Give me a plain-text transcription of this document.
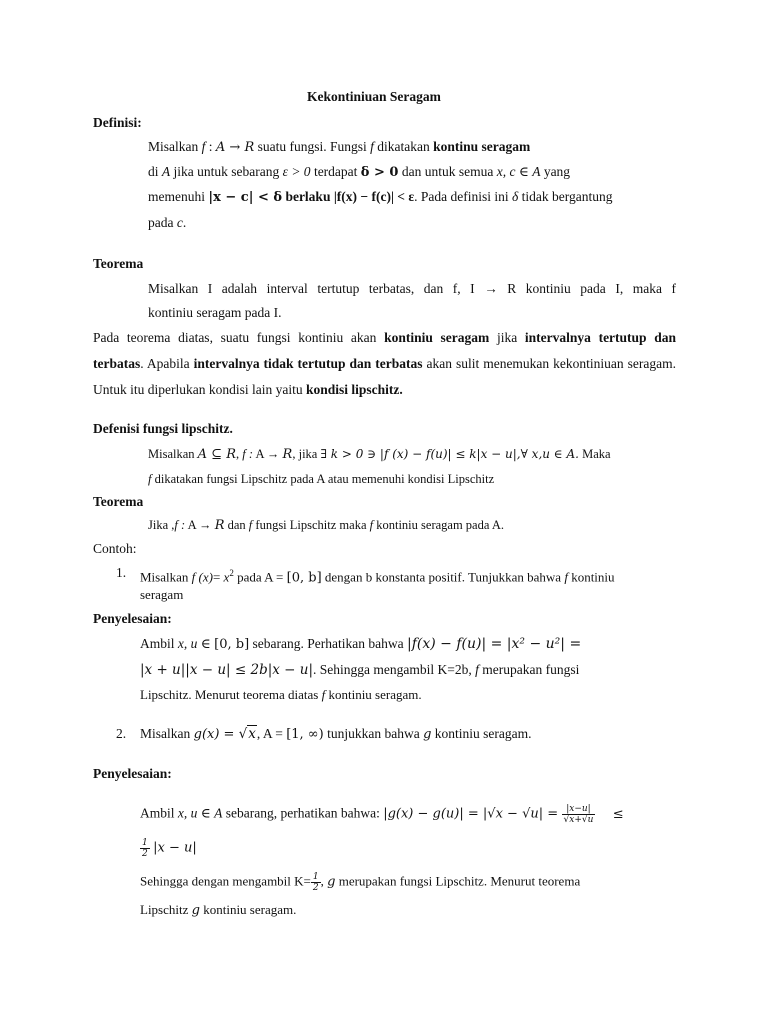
Kekontiniuan Seragam
Definisi:
Misalkan f : A → R suatu fungsi. Fungsi f dikatakan kontinu seragam
di A jika untuk sebarang ε > 0 terdapat δ > 0 dan untuk semua x, c ∈ A yang
memenuhi |x − c| < δ berlaku |f(x) − f(c)| < ε. Pada definisi ini δ tidak bergantung
pada c.
Teorema
Misalkan I adalah interval tertutup terbatas, dan f, I → R kontiniu pada I, maka f
kontiniu seragam pada I.
Pada teorema diatas, suatu fungsi kontiniu akan kontiniu seragam jika intervalnya tertutup dan terbatas. Apabila intervalnya tidak tertutup dan terbatas akan sulit menemukan kekontiniuan seragam. Untuk itu diperlukan kondisi lain yaitu kondisi lipschitz.
Defenisi fungsi lipschitz.
Misalkan A ⊆ R, f : A → R, jika ∃ k > 0 ∋ |f (x) − f(u)| ≤ k|x − u|,∀ x,u ∈ A. Maka
f dikatakan fungsi Lipschitz pada A atau memenuhi kondisi Lipschitz
Teorema
Jika ,f : A → R dan f fungsi Lipschitz maka f kontiniu seragam pada A.
Contoh:
1. Misalkan f $(x)= x^2$ pada A = [0, b] dengan b konstanta positif. Tunjukkan bahwa f kontiniu
seragam
Penyelesaian:
Ambil x, u ∈ [0, b] sebarang. Perhatikan bahwa |f(x) − f(u)| = |x² − u²| =
|x + u||x − u| ≤ 2b|x − u|. Sehingga mengambil K=2b, f merupakan fungsi
Lipschitz. Menurut teorema diatas f kontiniu seragam.
2. Misalkan g(x) = √x, A = [1, ∞) tunjukkan bahwa g kontiniu seragam.
Penyelesaian:
Ambil x, u ∈ A sebarang, perhatikan bahwa: $|g(x) - g(u)| = |√x - √u| = \frac{|x-u|}{√x+√u}$ ≤
$\frac{1}{2} |x - u|$
Sehingga dengan mengambil $K= \frac{1}{2}$ , g merupakan fungsi Lipschitz. Menurut teorema
Lipschitz g kontiniu seragam.
